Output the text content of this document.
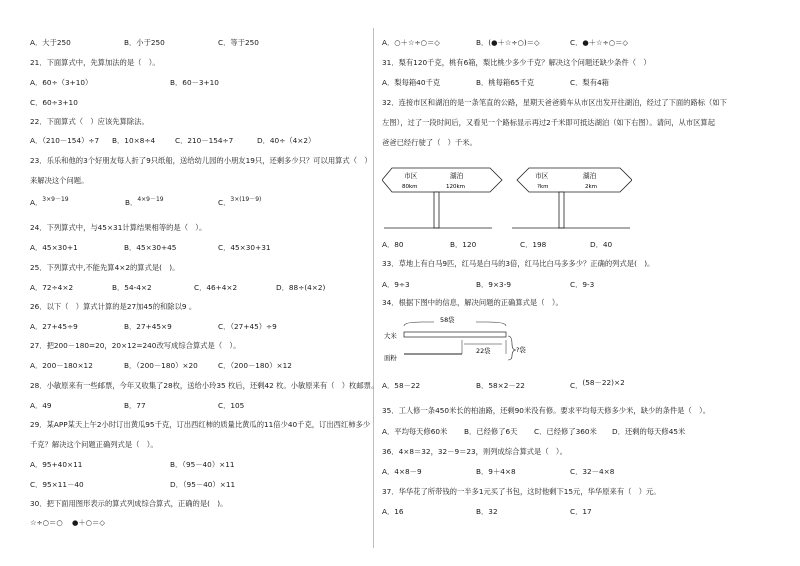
A．大于250	B．小于250	C．等于250
21．下面算式中，先算加法的是（　）。
A．60÷（3+10）	B．60－3+10
C．60÷3+10
22．下面算式（　）应该先算除法。
A．（210－154）÷7 B．10×8÷4	C．210－154÷7	D．40÷（4×2）
23．乐乐和他的3个好朋友每人折了9只纸船，送给幼儿园的小朋友19只，还剩多少只？可以用算式（　）
来解决这个问题。
A．$^{3\times 9-19}$	B．$^{4\times 9-19}$	C．$^{3\times(19-9)}$
24．下列算式中，与45×31计算结果相等的是（　）。
A．45×30+1	B．45×30+45	C．45×30+31
25．下列算式中,不能先算4×2的算式是(　)。
A．72÷4×2	B．54-4×2	C．46+4×2	D．88÷(4×2)
26．以下（　）算式计算的是27加45的和除以9 。
A．27+45÷9	B．27+45×9	C．（27+45）÷9
27．把200－180=20，20×12=240改写成综合算式是（　）。
A．200－180×12	B．（200－180）×20	C．（200－180）×12
28．小敏原来有一些邮票，今年又收集了28枚，送给小玲35 枚后，还剩42 枚。小敏原来有（　）枚邮票。
A．49	B．77	C．105
29．某APP某天上午2小时订出黄瓜95千克，订出西红柿的质量比黄瓜的11倍少40千克，订出西红柿多少
千克？解决这个问题正确列式是（　）。
A．95+40×11	B．（95－40）×11
C．95×11－40	D．（95－40）×11
30．把下面用图形表示的算式列成综合算式，正确的是(　)。
☆÷○＝○ ●＋○＝◇
A．○＋☆÷○＝◇	B．(●＋☆÷○)＝◇	C．●＋☆÷○＝◇
31．梨有120千克，桃有6箱，梨比桃少多少千克？解决这个问题还缺少条件（　）
A．梨每箱40千克	B．桃每箱65千克	C．梨有4箱
32．连接市区和湖泊的是一条笔直的公路，星期天爸爸骑车从市区出发开往湖泊，经过了下面的路标（如下
左图），过了一段时间后，又看见一个路标显示再过2千米即可抵达湖泊（如下右图）。请问，从市区算起
爸爸已经行驶了（　）千米。
市区	湖泊
80km	120km
市区	湖泊
?km	2km
A．80	B．120	C．198	D．40
33．草地上有白马9匹，红马是白马的3倍，红马比白马多多少？正确的列式是(　)。
A．9÷3	B．9×3-9	C．9-3
34．根据下图中的信息，解决问题的正确算式是（　）。
58袋
大米
面粉
22袋	?袋
A．58－22	B．58×2－22	C．(58－22)×2
35．工人修一条450米长的柏油路，还剩90米没有修。要求平均每天修多少米，缺少的条件是（　）。
A．平均每天修60米 B．已经修了6天 C．已经修了360米 D．还剩的每天修45米
36．4×8＝32，32－9＝23，则列成综合算式是（　）。
A．4×8－9	B．9＋4×8	C．32－4×8
37．华华花了所带钱的一半多1元买了书包，这时他剩下15元，华华原来有（　）元。
A．16	B．32	C．17
